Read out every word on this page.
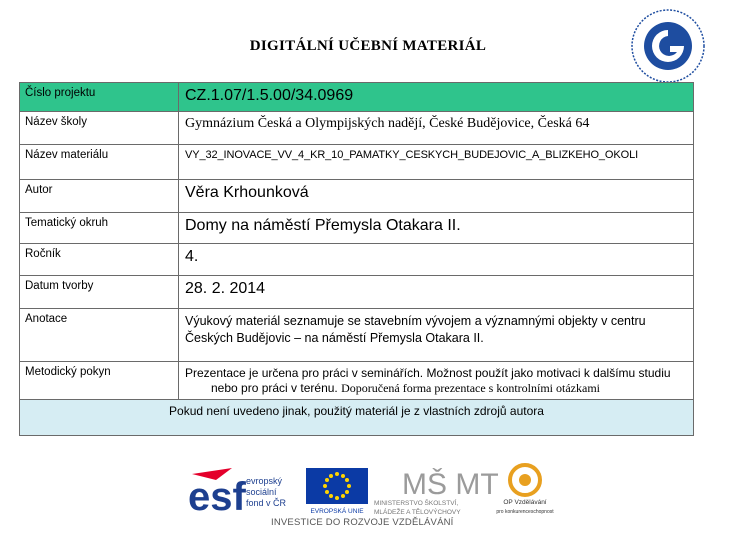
DIGITÁLNÍ UČEBNÍ MATERIÁL
Číslo projektu	CZ.1.07/1.5.00/34.0969
Název školy	Gymnázium Česká a Olympijských nadějí, České Budějovice, Česká 64
Název materiálu	VY_32_INOVACE_VV_4_KR_10_PAMATKY_CESKYCH_BUDEJOVIC_A_BLIZKEHO_OKOLI
Autor	Věra Krhounková
Tematický okruh	Domy na náměstí Přemysla Otakara II.
Ročník	4.
Datum tvorby	28. 2. 2014
Anotace	Výukový materiál seznamuje se stavebním vývojem a významnými objekty v centru Českých Budějovic – na náměstí Přemysla Otakara II.
Metodický pokyn	Prezentace je určena pro práci v seminářích. Možnost použít jako motivaci k dalšímu studiu
nebo pro práci v terénu. Doporučená forma prezentace s kontrolními otázkami

Pokud není uvedeno jinak, použitý materiál je z vlastních zdrojů autora	
esf evropský
sociální
fond v ČR
EVROPSKÁ UNIE
MŠ MT
MINISTERSTVO ŠKOLSTVÍ,
MLÁDEŽE A TĚLOVÝCHOVY
OP Vzdělávání
pro konkurenceschopnost
INVESTICE DO ROZVOJE VZDĚLÁVÁNÍ
